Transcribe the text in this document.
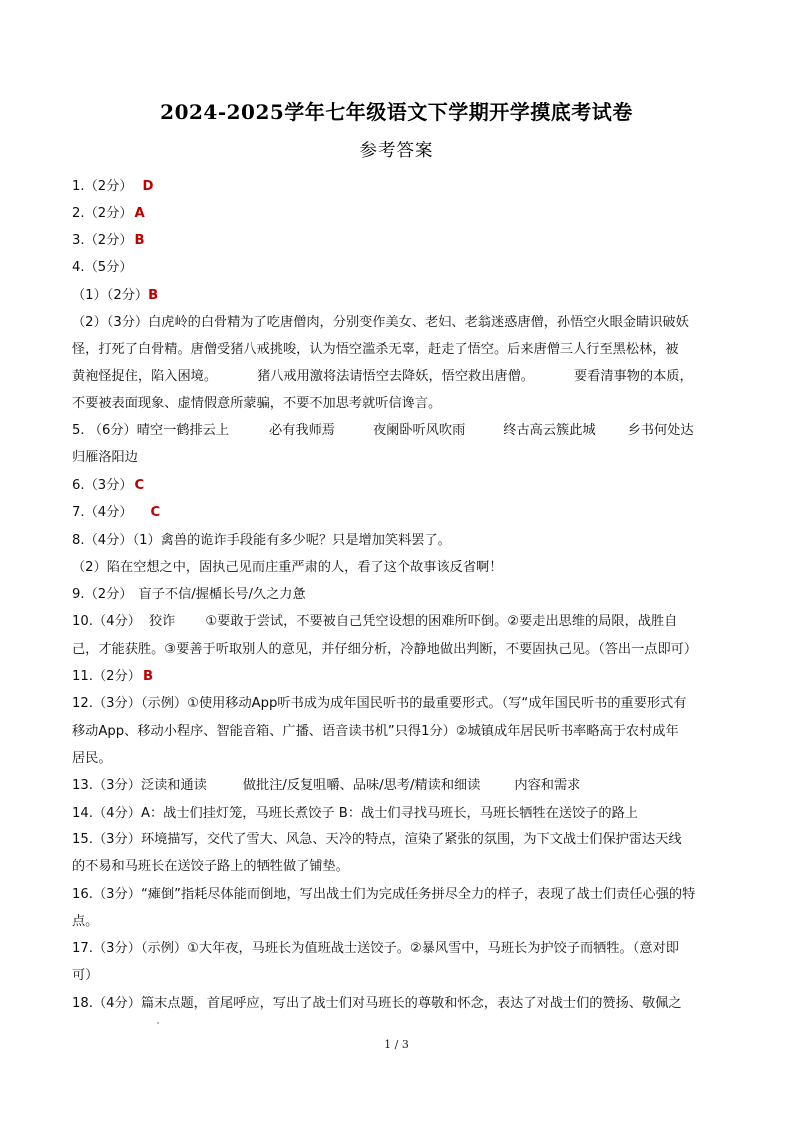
2024-2025学年七年级语文下学期开学摸底考试卷
参考答案
1.（2分） D
2.（2分） A
3.（2分） B
4.（5分）
（1）（2分）B
（2）（3分）白虎岭的白骨精为了吃唐僧肉，分别变作美女、老妇、老翁迷惑唐僧，孙悟空火眼金睛识破妖
怪，打死了白骨精。唐僧受猪八戒挑唆，认为悟空滥杀无辜，赶走了悟空。后来唐僧三人行至黑松林，被
黄袍怪捉住，陷入困境。	猪八戒用激将法请悟空去降妖，悟空救出唐僧。	要看清事物的本质，
不要被表面现象、虚情假意所蒙骗，不要不加思考就听信谗言。
5. （6分）晴空一鹤排云上	必有我师焉	夜阑卧听风吹雨	终古高云簇此城 乡书何处达
归雁洛阳边
6.（3分） C
7.（4分） C
8.（4分）（1）禽兽的诡诈手段能有多少呢？只是增加笑料罢了。
（2）陷在空想之中，固执己见而庄重严肃的人，看了这个故事该反省啊！
9.（2分） 盲子不信/握楯长号/久之力惫
10.（4分） 狡诈 ①要敢于尝试，不要被自己凭空设想的困难所吓倒。②要走出思维的局限，战胜自
己，才能获胜。③要善于听取别人的意见，并仔细分析，冷静地做出判断，不要固执己见。（答出一点即可）
11.（2分） B
12.（3分）（示例）①使用移动App听书成为成年国民听书的最重要形式。（写“成年国民听书的重要形式有
移动App、移动小程序、智能音箱、广播、语音读书机”只得1分）②城镇成年居民听书率略高于农村成年
居民。
13.（3分）泛读和通读	做批注/反复咀嚼、品味/思考/精读和细读	内容和需求
14.（4分）A：战士们挂灯笼，马班长煮饺子 B：战士们寻找马班长，马班长牺牲在送饺子的路上
15.（3分）环境描写，交代了雪大、风急、天冷的特点，渲染了紧张的氛围，为下文战士们保护雷达天线
的不易和马班长在送饺子路上的牺牲做了铺垫。
16.（3分）“瘫倒”指耗尽体能而倒地，写出战士们为完成任务拼尽全力的样子，表现了战士们责任心强的特
点。
17.（3分）（示例）①大年夜，马班长为值班战士送饺子。②暴风雪中，马班长为护饺子而牺牲。（意对即
可）
18.（4分）篇末点题，首尾呼应，写出了战士们对马班长的尊敬和怀念，表达了对战士们的赞扬、敬佩之
1 / 3
